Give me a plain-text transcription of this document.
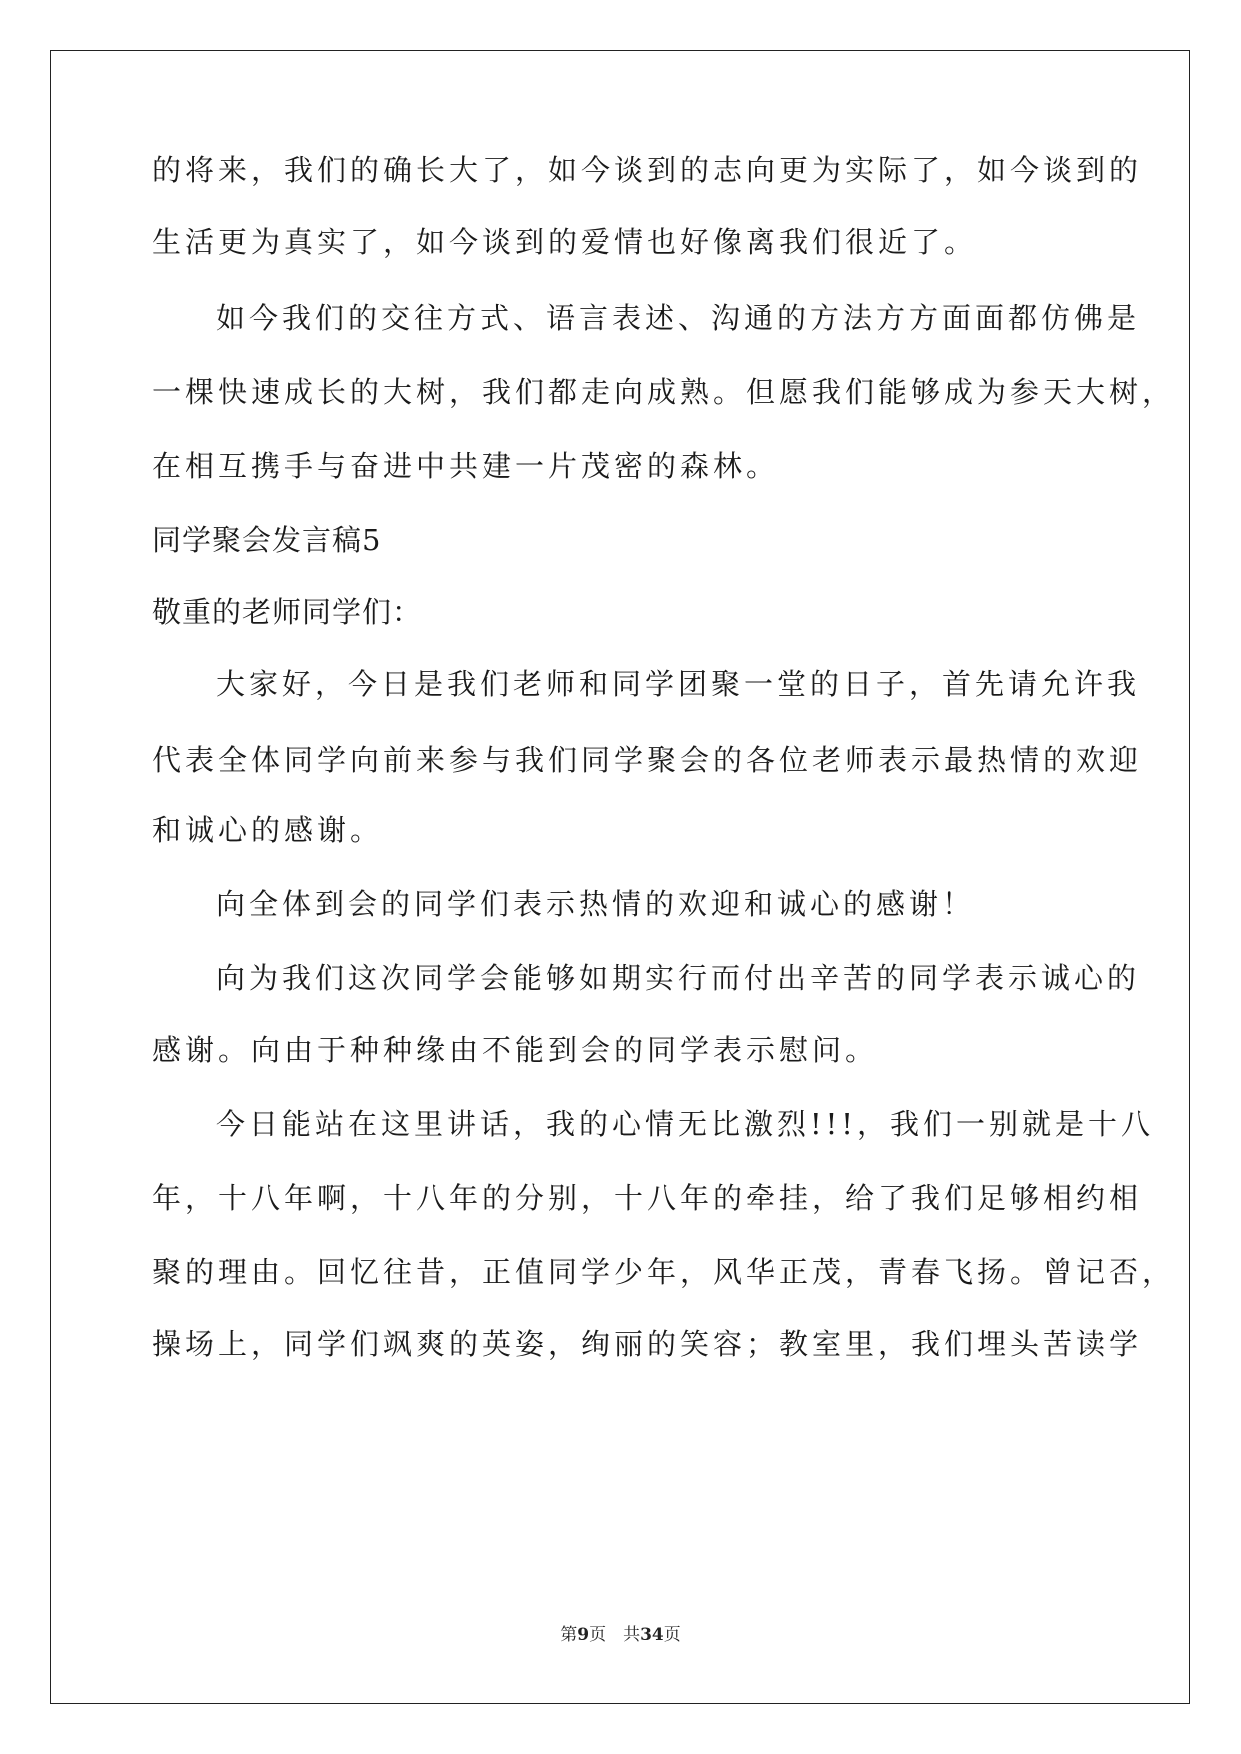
的将来，我们的确长大了，如今谈到的志向更为实际了，如今谈到的
生活更为真实了，如今谈到的爱情也好像离我们很近了。
如今我们的交往方式、语言表述、沟通的方法方方面面都仿佛是
一棵快速成长的大树，我们都走向成熟。但愿我们能够成为参天大树，
在相互携手与奋进中共建一片茂密的森林。
同学聚会发言稿5
敬重的老师同学们：
大家好，今日是我们老师和同学团聚一堂的日子，首先请允许我
代表全体同学向前来参与我们同学聚会的各位老师表示最热情的欢迎
和诚心的感谢。
向全体到会的同学们表示热情的欢迎和诚心的感谢！
向为我们这次同学会能够如期实行而付出辛苦的同学表示诚心的
感谢。向由于种种缘由不能到会的同学表示慰问。
今日能站在这里讲话，我的心情无比激烈!!!，我们一别就是十八
年，十八年啊，十八年的分别，十八年的牵挂，给了我们足够相约相
聚的理由。回忆往昔，正值同学少年，风华正茂，青春飞扬。曾记否，
操场上，同学们飒爽的英姿，绚丽的笑容；教室里，我们埋头苦读学
第9页　共34页
